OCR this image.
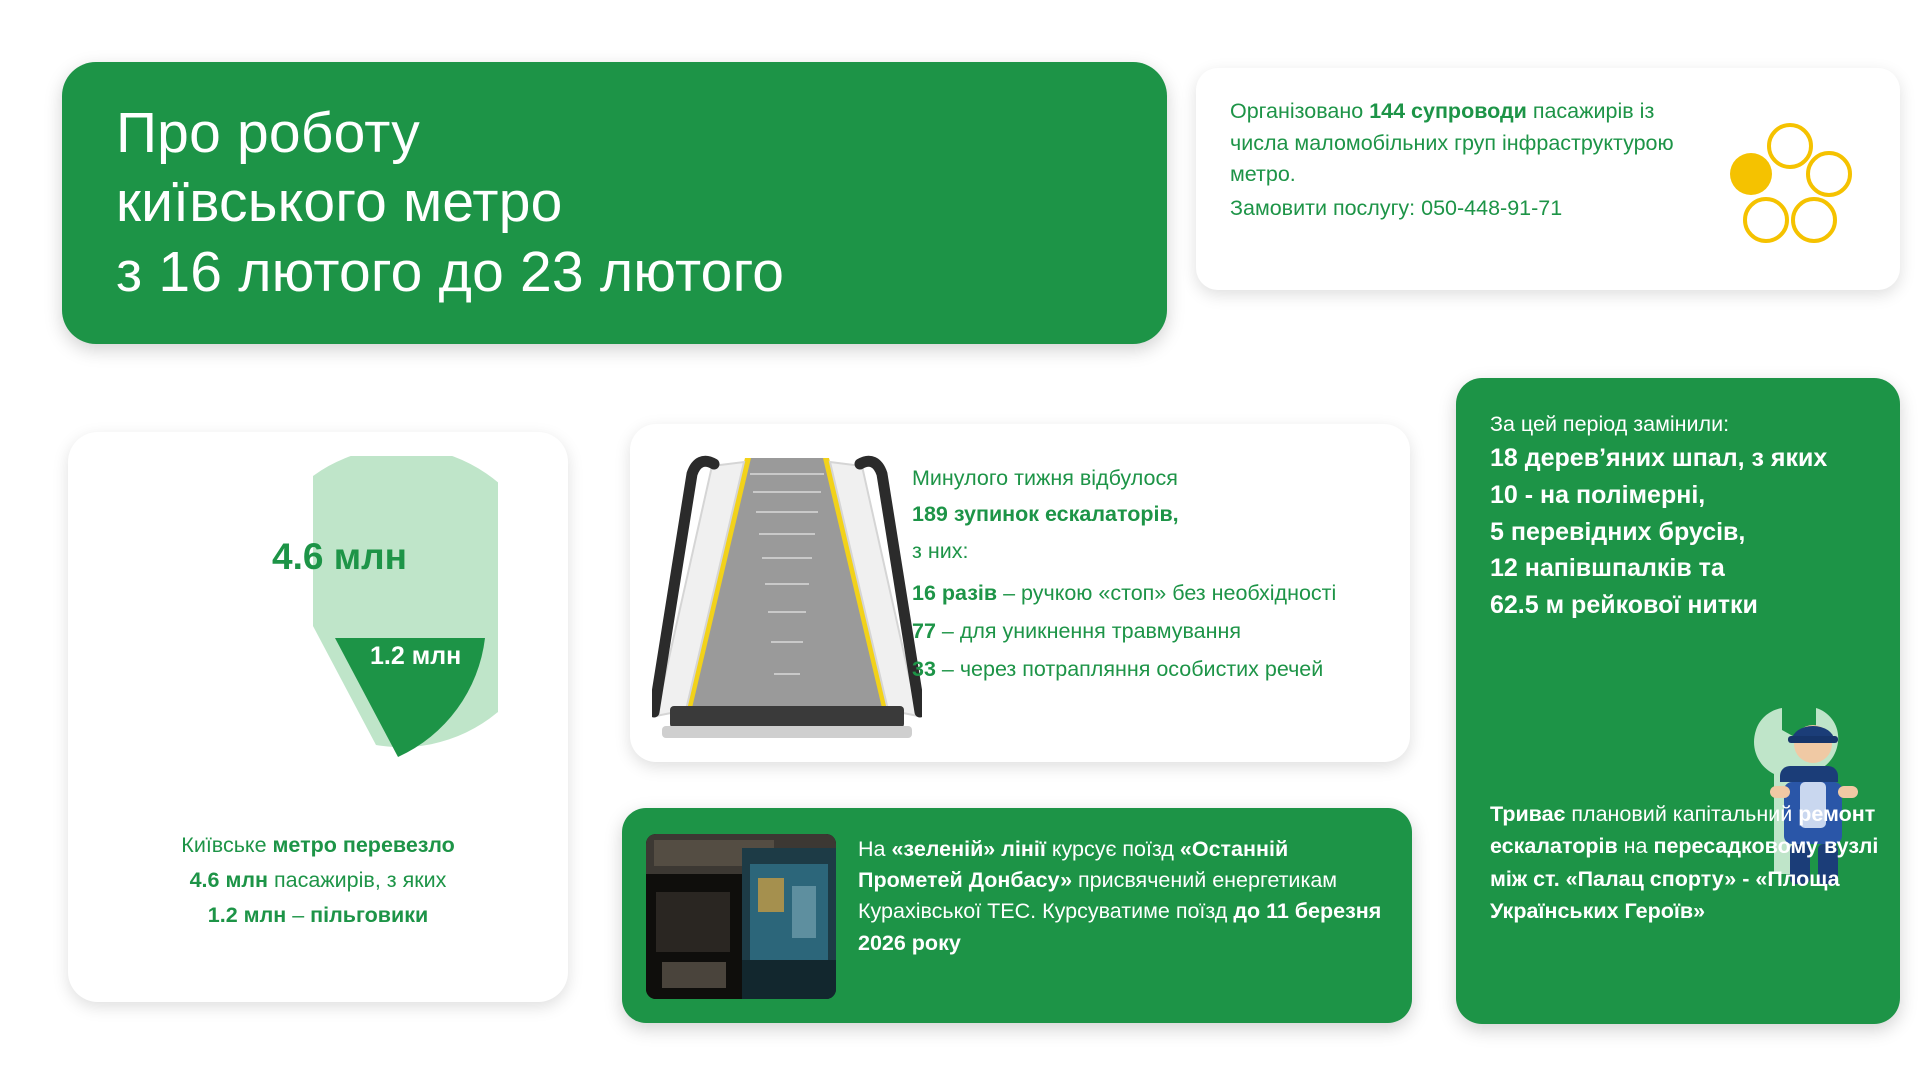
Про роботу
київського метро
з 16 лютого до 23 лютого
Організовано 144 супроводи пасажирів із числа маломобільних груп інфраструктурою метро.
Замовити послугу: 050-448-91-71
4.6 млн
1.2 млн
Київське метро перевезло
4.6 млн пасажирів, з яких
1.2 млн – пільговики
Минулого тижня відбулося
189 зупинок ескалаторів,
з них:
16 разів – ручкою «стоп» без необхідності
77 – для уникнення травмування
33 – через потрапляння особистих речей
На «зеленій» лінії курсує поїзд «Останній Прометей Донбасу» присвячений енергетикам Курахівської ТЕС. Курсуватиме поїзд до 11 березня 2026 року
За цей період замінили:
18 дерев’яних шпал, з яких
10 - на полімерні,
5 перевідних брусів,
12 напівшпалків та
62.5 м рейкової нитки
Триває плановий капітальний ремонт ескалаторів на пересадковому вузлі між ст. «Палац спорту» - «Площа Українських Героїв»
